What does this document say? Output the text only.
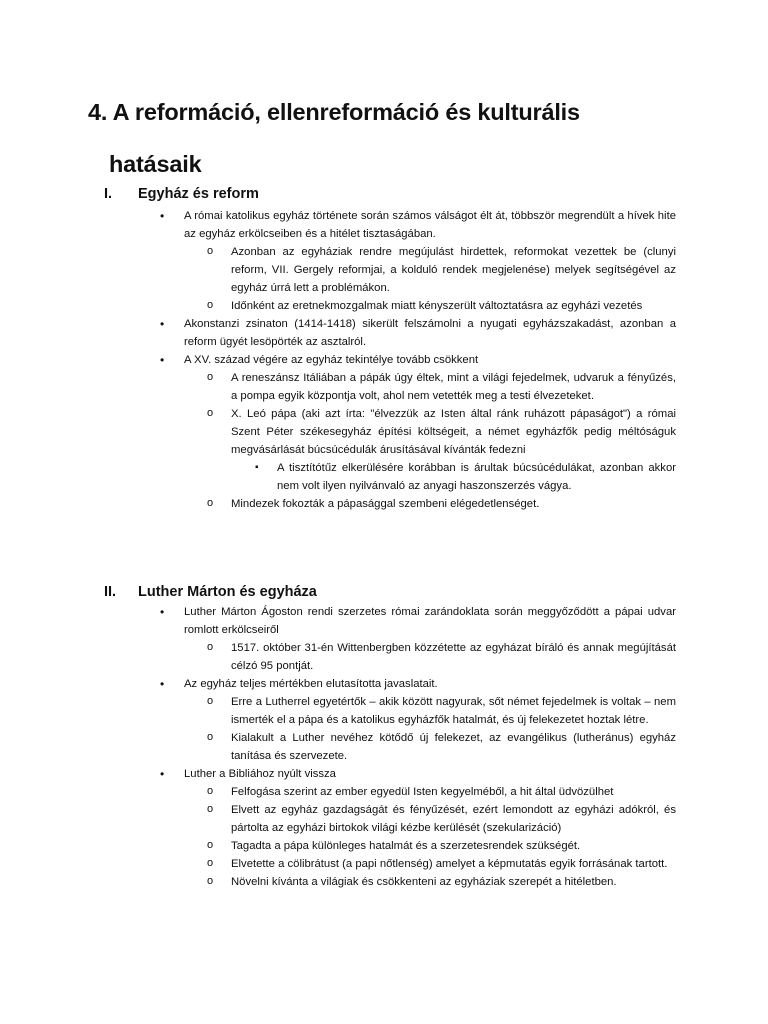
4. A reformáció, ellenreformáció és kulturális
hatásaik
I. Egyház és reform
• A római katolikus egyház története során számos válságot élt át, többször megrendült a hívek hite az egyház erkölcseiben és a hitélet tisztaságában.
o Azonban az egyháziak rendre megújulást hirdettek, reformokat vezettek be (clunyi reform, VII. Gergely reformjai, a kolduló rendek megjelenése) melyek segítségével az egyház úrrá lett a problémákon.
o Időnként az eretnekmozgalmak miatt kényszerült változtatásra az egyházi vezetés
• Akonstanzi zsinaton (1414-1418) sikerült felszámolni a nyugati egyházszakadást, azonban a reform ügyét lesöpörték az asztalról.
• A XV. század végére az egyház tekintélye tovább csökkent
o A reneszánsz Itáliában a pápák úgy éltek, mint a világi fejedelmek, udvaruk a fényűzés, a pompa egyik központja volt, ahol nem vetették meg a testi élvezeteket.
o X. Leó pápa (aki azt írta: "élvezzük az Isten által ránk ruházott pápaságot") a római Szent Péter székesegyház építési költségeit, a német egyházfők pedig méltóságuk megvásárlását búcsúcédulák árusításával kívánták fedezni
▪ A tisztítótűz elkerülésére korábban is árultak búcsúcédulákat, azonban akkor nem volt ilyen nyilvánvaló az anyagi haszonszerzés vágya.
o Mindezek fokozták a pápasággal szembeni elégedetlenséget.
II. Luther Márton és egyháza
• Luther Márton Ágoston rendi szerzetes római zarándoklata során meggyőződött a pápai udvar romlott erkölcseiről
o 1517. október 31-én Wittenbergben közzétette az egyházat bíráló és annak megújítását célzó 95 pontját.
• Az egyház teljes mértékben elutasította javaslatait.
o Erre a Lutherrel egyetértők – akik között nagyurak, sőt német fejedelmek is voltak – nem ismerték el a pápa és a katolikus egyházfők hatalmát, és új felekezetet hoztak létre.
o Kialakult a Luther nevéhez kötődő új felekezet, az evangélikus (lutheránus) egyház tanítása és szervezete.
• Luther a Bibliához nyúlt vissza
o Felfogása szerint az ember egyedül Isten kegyelméből, a hit által üdvözülhet
o Elvett az egyház gazdagságát és fényűzését, ezért lemondott az egyházi adókról, és pártolta az egyházi birtokok világi kézbe kerülését (szekularizáció)
o Tagadta a pápa különleges hatalmát és a szerzetesrendek szükségét.
o Elvetette a cölibrátust (a papi nőtlenség) amelyet a képmutatás egyik forrásának tartott.
o Növelni kívánta a világiak és csökkenteni az egyháziak szerepét a hitéletben.
